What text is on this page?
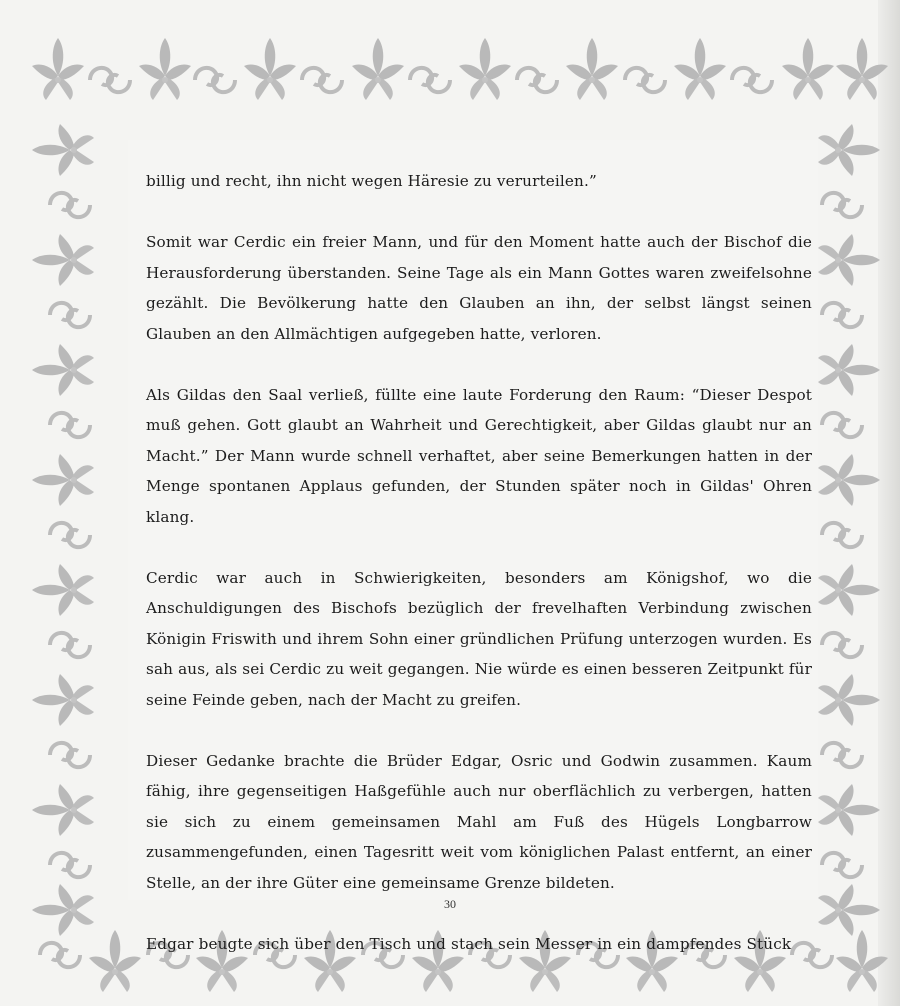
billig und recht, ihn nicht wegen Häresie zu verurteilen.”

Somit war Cerdic ein freier Mann, und für den Moment hatte auch der Bischof die Herausforderung überstanden. Seine Tage als ein Mann Gottes waren zweifelsohne gezählt. Die Bevölkerung hatte den Glauben an ihn, der selbst längst seinen Glauben an den Allmächtigen aufgegeben hatte, verloren.

Als Gildas den Saal verließ, füllte eine laute Forderung den Raum: “Dieser Despot muß gehen. Gott glaubt an Wahrheit und Gerechtigkeit, aber Gildas glaubt nur an Macht.” Der Mann wurde schnell verhaftet, aber seine Bemerkungen hatten in der Menge spontanen Applaus gefunden, der Stunden später noch in Gildas' Ohren klang.

Cerdic war auch in Schwierigkeiten, besonders am Königshof, wo die Anschuldigungen des Bischofs bezüglich der frevelhaften Verbindung zwischen Königin Friswith und ihrem Sohn einer gründlichen Prüfung unterzogen wurden. Es sah aus, als sei Cerdic zu weit gegangen. Nie würde es einen besseren Zeitpunkt für seine Feinde geben, nach der Macht zu greifen.

Dieser Gedanke brachte die Brüder Edgar, Osric und Godwin zusammen. Kaum fähig, ihre gegenseitigen Haßgefühle auch nur oberflächlich zu verbergen, hatten sie sich zu einem gemeinsamen Mahl am Fuß des Hügels Longbarrow zusammengefunden, einen Tagesritt weit vom königlichen Palast entfernt, an einer Stelle, an der ihre Güter eine gemeinsame Grenze bildeten.

Edgar beugte sich über den Tisch und stach sein Messer in ein dampfendes Stück

30
